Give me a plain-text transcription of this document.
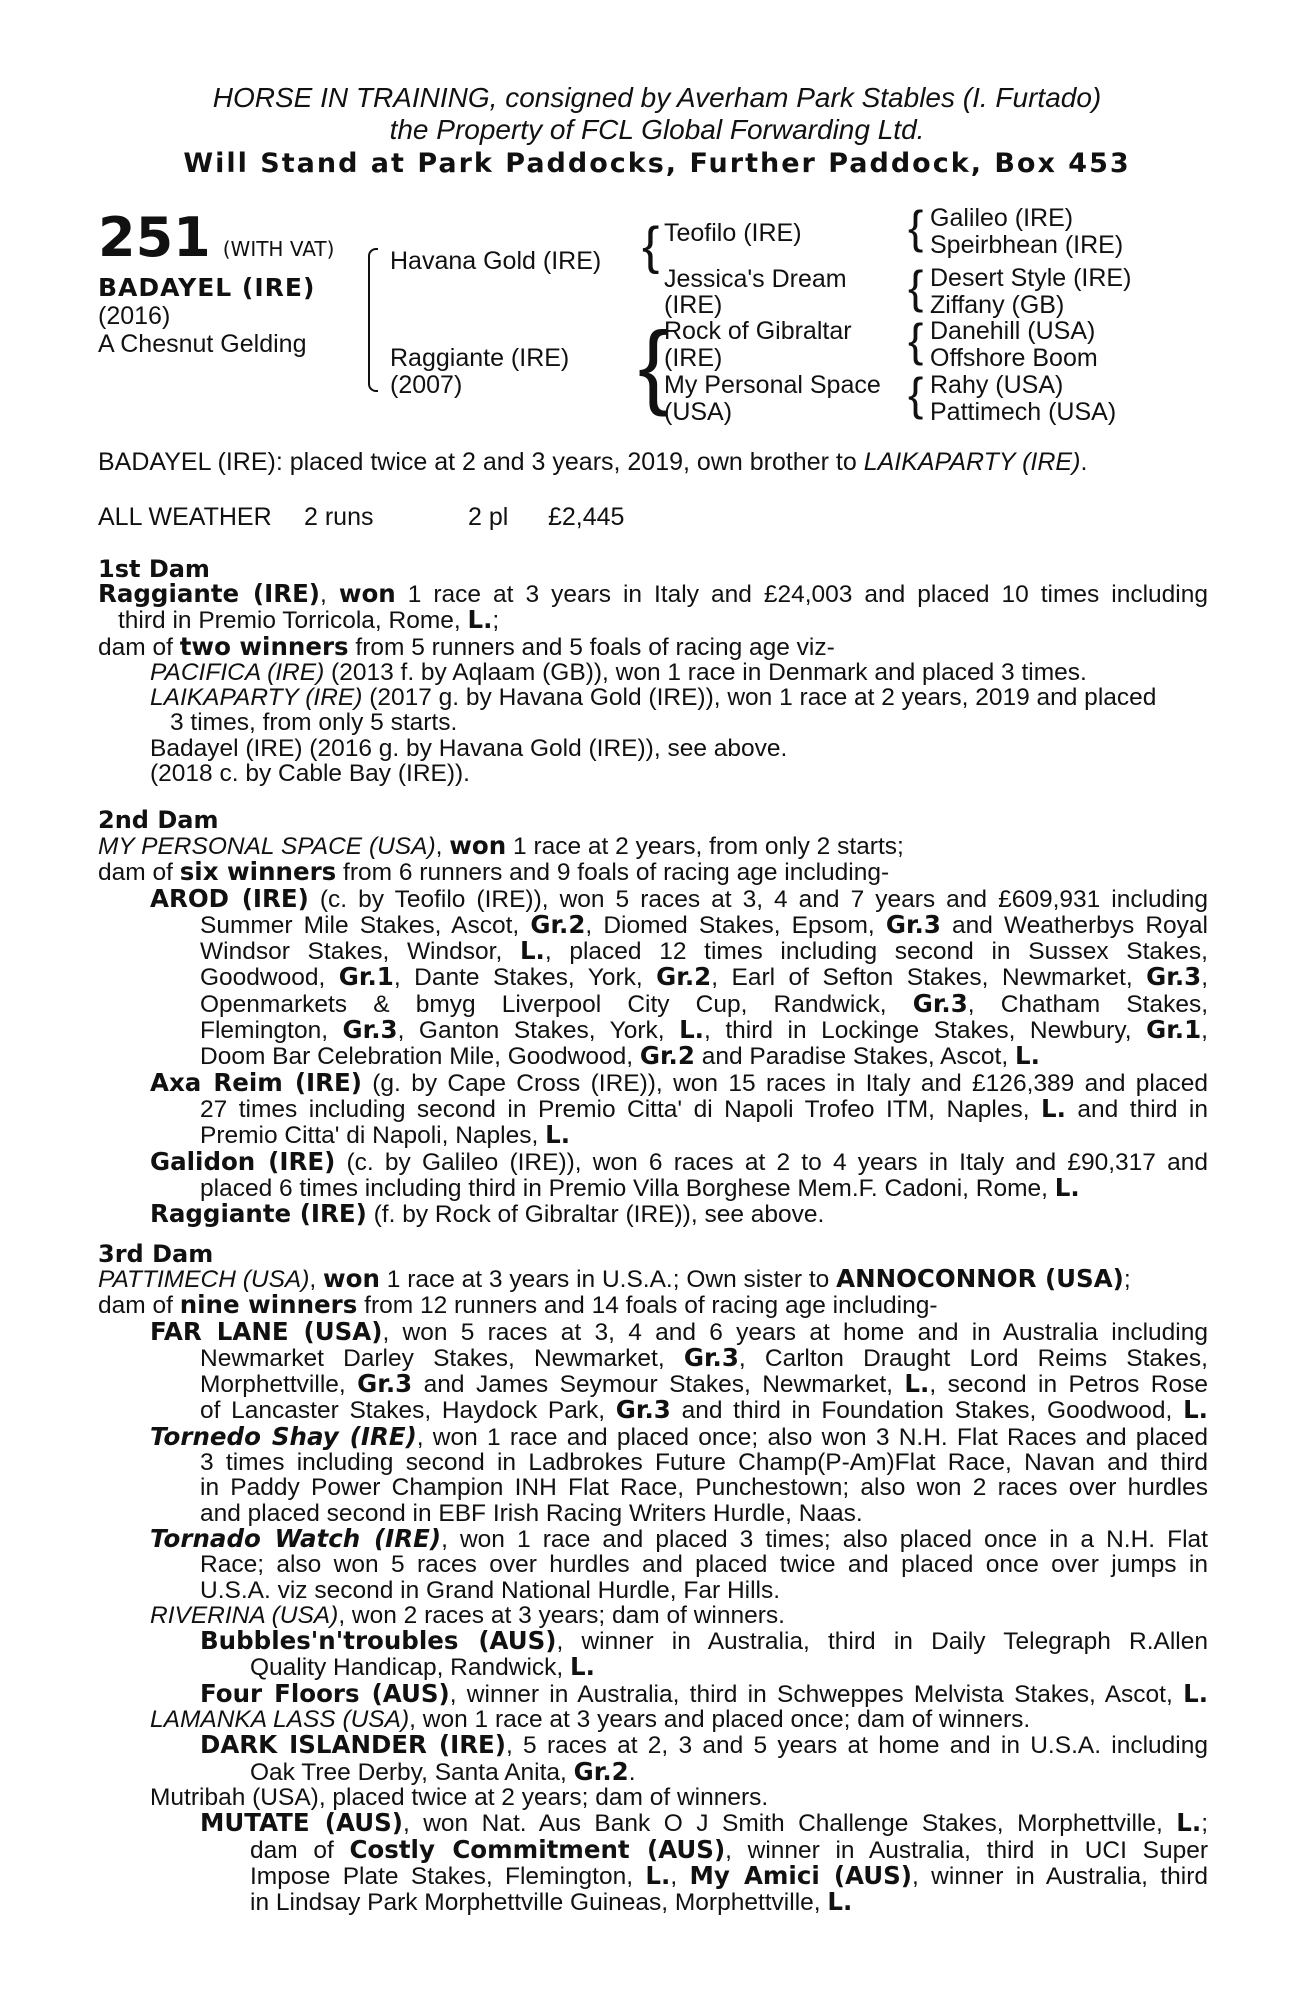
HORSE IN TRAINING, consigned by Averham Park Stables (I. Furtado)
the Property of FCL Global Forwarding Ltd.
Will Stand at Park Paddocks, Further Paddock, Box 453
251 (WITH VAT)
BADAYEL (IRE)
(2016)
A Chesnut Gelding
Havana Gold (IRE)
Raggiante (IRE)
(2007)
{ Teofilo (IRE)
Jessica's Dream
(IRE)
{
Rock of Gibraltar
(IRE)
My Personal Space
(USA)
{ Galileo (IRE)
Speirbhean (IRE)
{ Desert Style (IRE)
Ziffany (GB)
{ Danehill (USA)
Offshore Boom
{ Rahy (USA)
Pattimech (USA)
BADAYEL (IRE): placed twice at 2 and 3 years, 2019, own brother to LAIKAPARTY (IRE).
ALL WEATHER 2 runs	2 pl £2,445
1st Dam
Raggiante (IRE), won 1 race at 3 years in Italy and £24,003 and placed 10 times including
third in Premio Torricola, Rome, L.;
dam of two winners from 5 runners and 5 foals of racing age viz-
PACIFICA (IRE) (2013 f. by Aqlaam (GB)), won 1 race in Denmark and placed 3 times.
LAIKAPARTY (IRE) (2017 g. by Havana Gold (IRE)), won 1 race at 2 years, 2019 and placed
3 times, from only 5 starts.
Badayel (IRE) (2016 g. by Havana Gold (IRE)), see above.
(2018 c. by Cable Bay (IRE)).
2nd Dam
MY PERSONAL SPACE (USA), won 1 race at 2 years, from only 2 starts;
dam of six winners from 6 runners and 9 foals of racing age including-
AROD (IRE) (c. by Teofilo (IRE)), won 5 races at 3, 4 and 7 years and £609,931 including
Summer Mile Stakes, Ascot, Gr.2, Diomed Stakes, Epsom, Gr.3 and Weatherbys Royal
Windsor Stakes, Windsor, L., placed 12 times including second in Sussex Stakes,
Goodwood, Gr.1, Dante Stakes, York, Gr.2, Earl of Sefton Stakes, Newmarket, Gr.3,
Openmarkets & bmyg Liverpool City Cup, Randwick, Gr.3, Chatham Stakes,
Flemington, Gr.3, Ganton Stakes, York, L., third in Lockinge Stakes, Newbury, Gr.1,
Doom Bar Celebration Mile, Goodwood, Gr.2 and Paradise Stakes, Ascot, L.
Axa Reim (IRE) (g. by Cape Cross (IRE)), won 15 races in Italy and £126,389 and placed
27 times including second in Premio Citta' di Napoli Trofeo ITM, Naples, L. and third in
Premio Citta' di Napoli, Naples, L.
Galidon (IRE) (c. by Galileo (IRE)), won 6 races at 2 to 4 years in Italy and £90,317 and
placed 6 times including third in Premio Villa Borghese Mem.F. Cadoni, Rome, L.
Raggiante (IRE) (f. by Rock of Gibraltar (IRE)), see above.
3rd Dam
PATTIMECH (USA), won 1 race at 3 years in U.S.A.; Own sister to ANNOCONNOR (USA);
dam of nine winners from 12 runners and 14 foals of racing age including-
FAR LANE (USA), won 5 races at 3, 4 and 6 years at home and in Australia including
Newmarket Darley Stakes, Newmarket, Gr.3, Carlton Draught Lord Reims Stakes,
Morphettville, Gr.3 and James Seymour Stakes, Newmarket, L., second in Petros Rose
of Lancaster Stakes, Haydock Park, Gr.3 and third in Foundation Stakes, Goodwood, L.
Tornedo Shay (IRE), won 1 race and placed once; also won 3 N.H. Flat Races and placed
3 times including second in Ladbrokes Future Champ(P-Am)Flat Race, Navan and third
in Paddy Power Champion INH Flat Race, Punchestown; also won 2 races over hurdles
and placed second in EBF Irish Racing Writers Hurdle, Naas.
Tornado Watch (IRE), won 1 race and placed 3 times; also placed once in a N.H. Flat
Race; also won 5 races over hurdles and placed twice and placed once over jumps in
U.S.A. viz second in Grand National Hurdle, Far Hills.
RIVERINA (USA), won 2 races at 3 years; dam of winners.
Bubbles'n'troubles (AUS), winner in Australia, third in Daily Telegraph R.Allen
Quality Handicap, Randwick, L.
Four Floors (AUS), winner in Australia, third in Schweppes Melvista Stakes, Ascot, L.
LAMANKA LASS (USA), won 1 race at 3 years and placed once; dam of winners.
DARK ISLANDER (IRE), 5 races at 2, 3 and 5 years at home and in U.S.A. including
Oak Tree Derby, Santa Anita, Gr.2.
Mutribah (USA), placed twice at 2 years; dam of winners.
MUTATE (AUS), won Nat. Aus Bank O J Smith Challenge Stakes, Morphettville, L.;
dam of Costly Commitment (AUS), winner in Australia, third in UCI Super
Impose Plate Stakes, Flemington, L., My Amici (AUS), winner in Australia, third
in Lindsay Park Morphettville Guineas, Morphettville, L.
